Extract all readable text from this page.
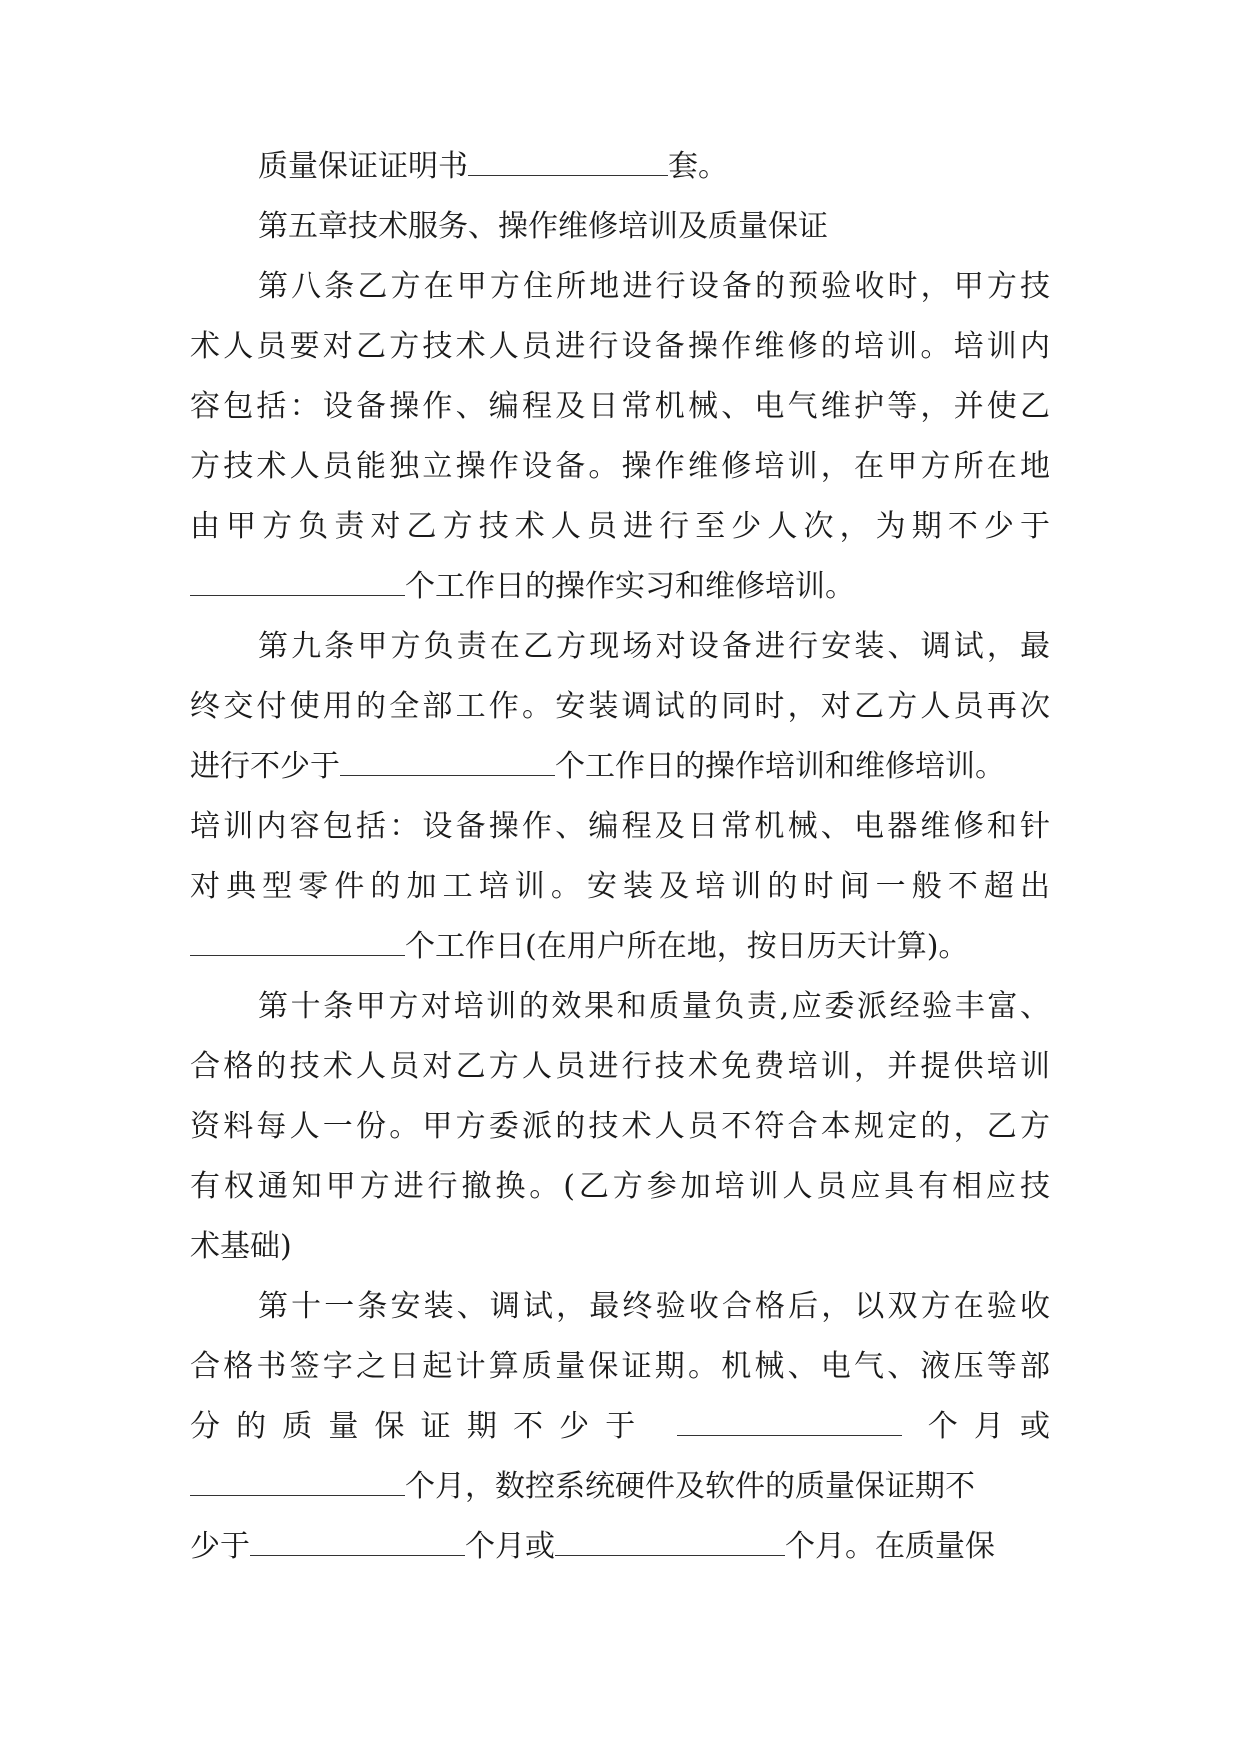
质量保证证明书	套。
第五章技术服务、操作维修培训及质量保证
第八条乙方在甲方住所地进行设备的预验收时，甲方技
术人员要对乙方技术人员进行设备操作维修的培训。培训内
容包括：设备操作、编程及日常机械、电气维护等，并使乙
方技术人员能独立操作设备。操作维修培训，在甲方所在地
由甲方负责对乙方技术人员进行至少人次，为期不少于
个工作日的操作实习和维修培训。
第九条甲方负责在乙方现场对设备进行安装、调试，最
终交付使用的全部工作。安装调试的同时，对乙方人员再次
进行不少于	个工作日的操作培训和维修培训。
培训内容包括：设备操作、编程及日常机械、电器维修和针
对典型零件的加工培训。安装及培训的时间一般不超出
个工作日(在用户所在地，按日历天计算)。
第十条甲方对培训的效果和质量负责,应委派经验丰富、
合格的技术人员对乙方人员进行技术免费培训，并提供培训
资料每人一份。甲方委派的技术人员不符合本规定的，乙方
有权通知甲方进行撤换。(乙方参加培训人员应具有相应技
术基础)
第十一条安装、调试，最终验收合格后，以双方在验收
合格书签字之日起计算质量保证期。机械、电气、液压等部
分的质量保证期不少于	个月或
个月，数控系统硬件及软件的质量保证期不
少于	个月或	个月。在质量保
